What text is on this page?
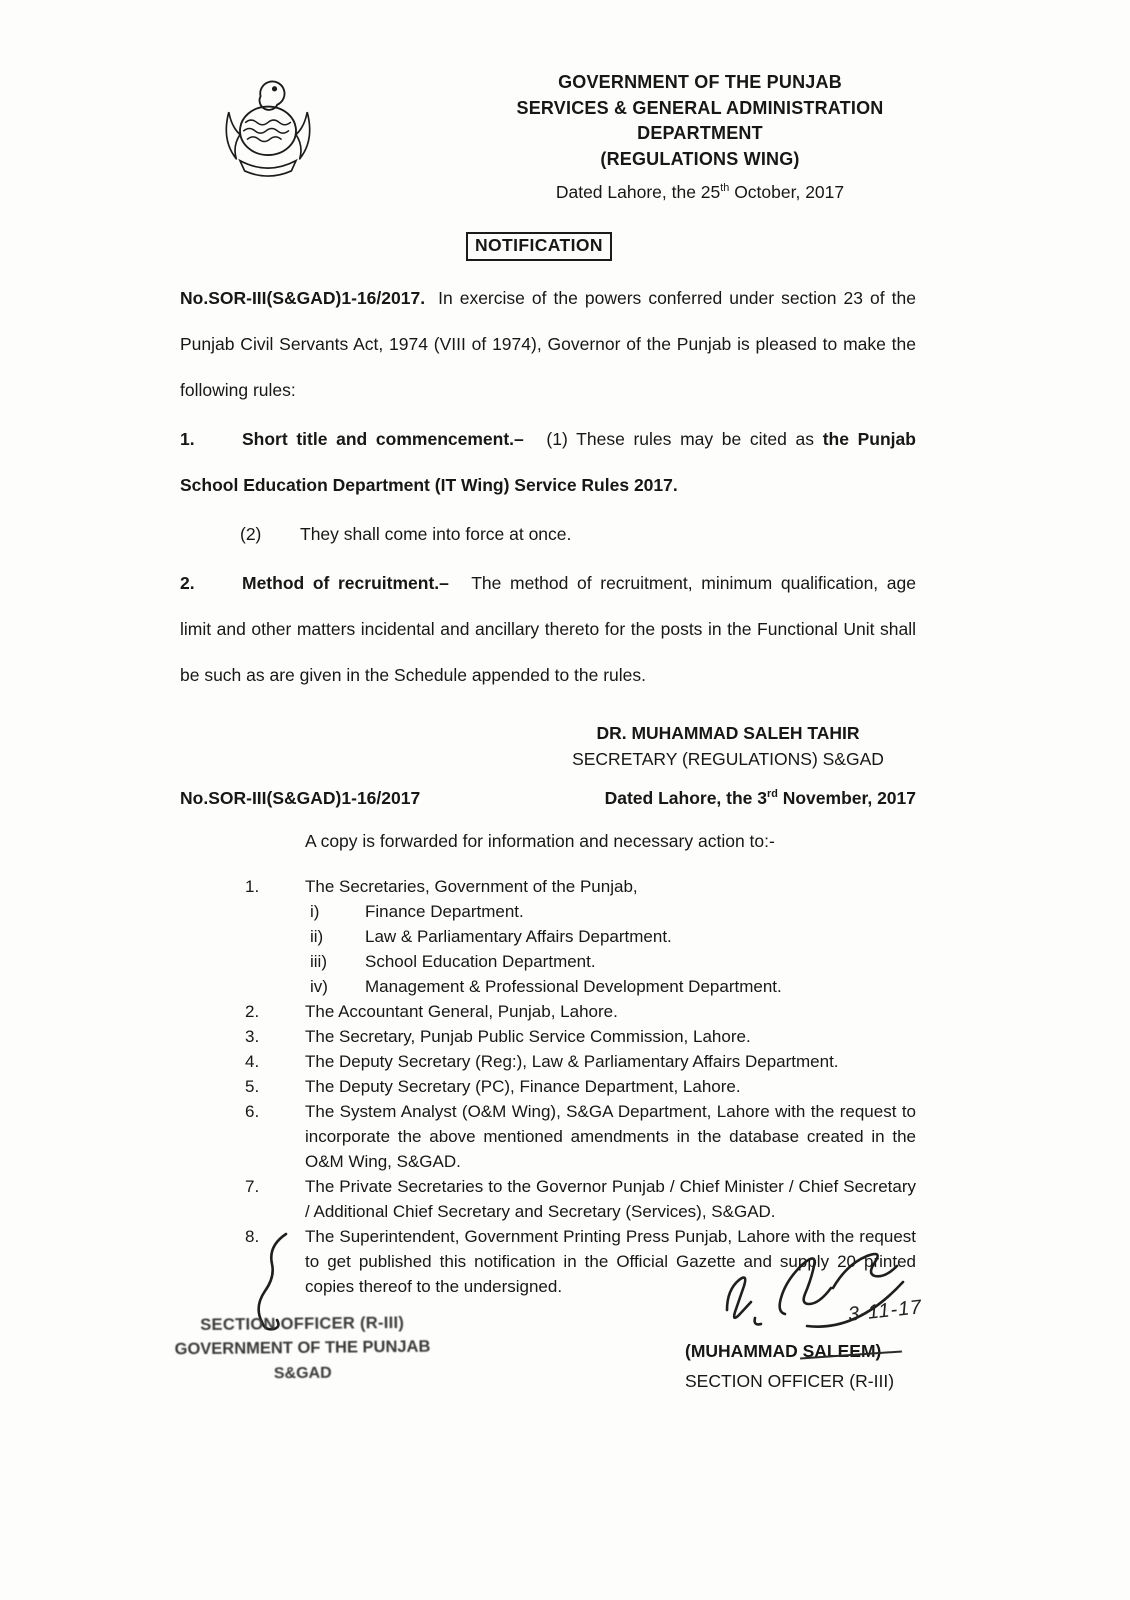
GOVERNMENT OF THE PUNJAB
SERVICES & GENERAL ADMINISTRATION
DEPARTMENT
(REGULATIONS WING)
Dated Lahore, the 25th October, 2017
NOTIFICATION

No.SOR-III(S&GAD)1-16/2017. In exercise of the powers conferred under section 23 of the Punjab Civil Servants Act, 1974 (VIII of 1974), Governor of the Punjab is pleased to make the following rules:

1.	Short title and commencement.– (1) These rules may be cited as the Punjab School Education Department (IT Wing) Service Rules 2017.

(2) They shall come into force at once.

2.	Method of recruitment.– The method of recruitment, minimum qualification, age limit and other matters incidental and ancillary thereto for the posts in the Functional Unit shall be such as are given in the Schedule appended to the rules.

DR. MUHAMMAD SALEH TAHIR
SECRETARY (REGULATIONS) S&GAD
No.SOR-III(S&GAD)1-16/2017	Dated Lahore, the 3rd November, 2017

A copy is forwarded for information and necessary action to:-

1.	The Secretaries, Government of the Punjab,
i)	Finance Department.
ii)	Law & Parliamentary Affairs Department.
iii)	School Education Department.
iv)	Management & Professional Development Department.
2.	The Accountant General, Punjab, Lahore.
3.	The Secretary, Punjab Public Service Commission, Lahore.
4.	The Deputy Secretary (Reg:), Law & Parliamentary Affairs Department.
5.	The Deputy Secretary (PC), Finance Department, Lahore.
6.	The System Analyst (O&M Wing), S&GA Department, Lahore with the request to incorporate the above mentioned amendments in the database created in the O&M Wing, S&GAD.
7.	The Private Secretaries to the Governor Punjab / Chief Minister / Chief Secretary / Additional Chief Secretary and Secretary (Services), S&GAD.
8.	The Superintendent, Government Printing Press Punjab, Lahore with the request to get published this notification in the Official Gazette and supply 20 printed copies thereof to the undersigned.
SECTION OFFICER (R-III)
GOVERNMENT OF THE PUNJAB
S&GAD
3-11-17
(MUHAMMAD SALEEM)
SECTION OFFICER (R-III)
